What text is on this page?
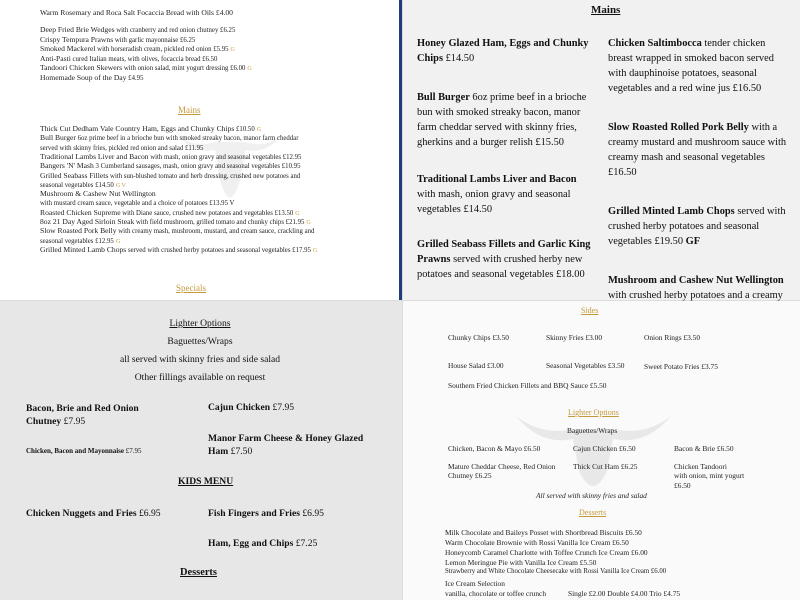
Warm Rosemary and Roca Salt Focaccia Bread with Oils £4.00
Deep Fried Brie Wedges with cranberry and red onion chutney £6.25
Crispy Tempura Prawns with garlic mayonnaise £6.25
Smoked Mackerel with horseradish cream, pickled red onion £5.95 G
Anti-Pasti cured Italian meats, with olives, focaccia bread £6.50
Tandoori Chicken Skewers with onion salad, mint yogurt dressing £6.00 G
Homemade Soup of the Day £4.95
Mains
Thick Cut Dedham Vale Country Ham, Eggs and Chunky Chips £10.50 G
Bull Burger 6oz prime beef in a brioche bun with smoked streaky bacon, manor farm cheddar
served with skinny fries, pickled red onion and salad £11.95
Traditional Lambs Liver and Bacon with mash, onion gravy and seasonal vegetables £12.95
Bangers 'N' Mash 3 Cumberland sausages, mash, onion gravy and seasonal vegetables £10.95
Grilled Seabass Fillets with sun-blushed tomato and herb dressing, crushed new potatoes and
seasonal vegetables £14.50 G V
Mushroom & Cashew Nut Wellington
with mustard cream sauce, vegetable and a choice of potatoes £13.95 V
Roasted Chicken Supreme with Diane sauce, crushed new potatoes and vegetables £13.50 G
8oz 21 Day Aged Sirloin Steak with field mushroom, grilled tomato and chunky chips £21.95 G
Slow Roasted Pork Belly with creamy mash, mushroom, mustard, and cream sauce, crackling and
seasonal vegetables £12.95 G
Grilled Minted Lamb Chops served with crushed herby potatoes and seasonal vegetables £17.95 G
Specials
Mains

Honey Glazed Ham, Eggs and Chunky Chips £14.50

Bull Burger 6oz prime beef in a brioche bun with smoked streaky bacon, manor farm cheddar served with skinny fries, gherkins and a burger relish £15.50

Traditional Lambs Liver and Bacon with mash, onion gravy and seasonal vegetables £14.50

Grilled Seabass Fillets and Garlic King Prawns served with crushed herby new potatoes and seasonal vegetables £18.00

Chicken Saltimbocca tender chicken breast wrapped in smoked bacon served with dauphinoise potatoes, seasonal vegetables and a red wine jus £16.50

Slow Roasted Rolled Pork Belly with a creamy mustard and mushroom sauce with creamy mash and seasonal vegetables £16.50

Grilled Minted Lamb Chops served with crushed herby potatoes and seasonal vegetables £19.50 GF

Mushroom and Cashew Nut Wellington with crushed herby potatoes and a creamy

Lighter Options
Baguettes/Wraps
all served with skinny fries and side salad
Other fillings available on request
Bacon, Brie and Red Onion Chutney £7.95
Cajun Chicken £7.95
Chicken, Bacon and Mayonnaise £7.95
Manor Farm Cheese & Honey Glazed Ham £7.50
KIDS MENU
Chicken Nuggets and Fries £6.95	Fish Fingers and Fries £6.95
Ham, Egg and Chips £7.25
Desserts
Sides
Chunky Chips £3.50	Skinny Fries £3.00	Onion Rings £3.50
House Salad £3.00	Seasonal Vegetables £3.50	Sweet Potato Fries £3.75
Southern Fried Chicken Fillets and BBQ Sauce £5.50
Lighter Options
Baguettes/Wraps
Chicken, Bacon & Mayo £6.50	Cajun Chicken £6.50	Bacon & Brie £6.50
Mature Cheddar Cheese, Red Onion
Chutney £6.25
Thick Cut Ham £6.25	Chicken Tandoori
with onion, mint yogurt
£6.50
All served with skinny fries and salad
Desserts
Milk Chocolate and Baileys Posset with Shortbread Biscuits £6.50
Warm Chocolate Brownie with Rossi Vanilla Ice Cream £6.50
Honeycomb Caramel Charlotte with Toffee Crunch Ice Cream £6.00
Lemon Meringue Pie with Vanilla Ice Cream £5.50
Strawberry and White Chocolate Cheesecake with Rossi Vanilla Ice Cream £6.00
Ice Cream Selection
vanilla, chocolate or toffee crunch	Single £2.00 Double £4.00 Trio £4.75
